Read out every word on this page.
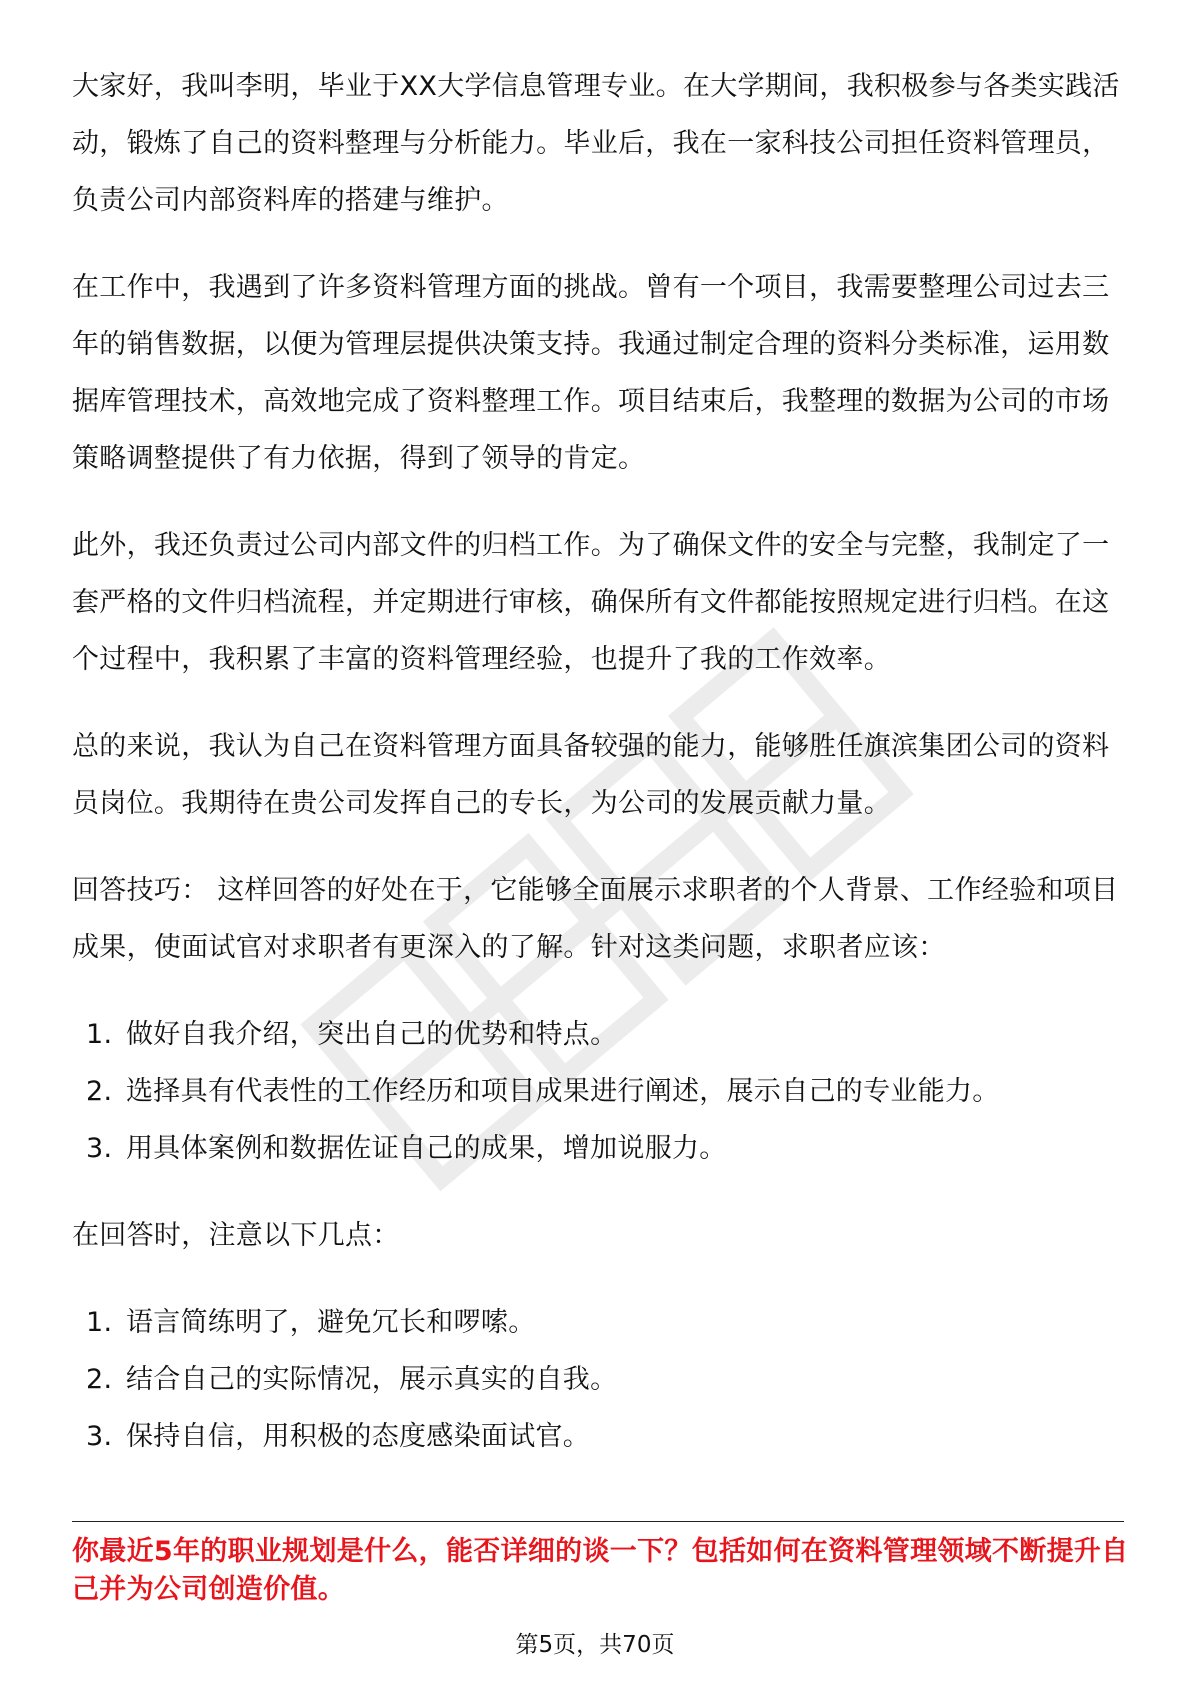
大家好，我叫李明，毕业于XX大学信息管理专业。在大学期间，我积极参与各类实践活动，锻炼了自己的资料整理与分析能力。毕业后，我在一家科技公司担任资料管理员，负责公司内部资料库的搭建与维护。

在工作中，我遇到了许多资料管理方面的挑战。曾有一个项目，我需要整理公司过去三年的销售数据，以便为管理层提供决策支持。我通过制定合理的资料分类标准，运用数据库管理技术，高效地完成了资料整理工作。项目结束后，我整理的数据为公司的市场策略调整提供了有力依据，得到了领导的肯定。

此外，我还负责过公司内部文件的归档工作。为了确保文件的安全与完整，我制定了一套严格的文件归档流程，并定期进行审核，确保所有文件都能按照规定进行归档。在这个过程中，我积累了丰富的资料管理经验，也提升了我的工作效率。

总的来说，我认为自己在资料管理方面具备较强的能力，能够胜任旗滨集团公司的资料员岗位。我期待在贵公司发挥自己的专长，为公司的发展贡献力量。

回答技巧： 这样回答的好处在于，它能够全面展示求职者的个人背景、工作经验和项目成果，使面试官对求职者有更深入的了解。针对这类问题，求职者应该：

1. 做好自我介绍，突出自己的优势和特点。
2. 选择具有代表性的工作经历和项目成果进行阐述，展示自己的专业能力。
3. 用具体案例和数据佐证自己的成果，增加说服力。

在回答时，注意以下几点：

1. 语言简练明了，避免冗长和啰嗦。
2. 结合自己的实际情况，展示真实的自我。
3. 保持自信，用积极的态度感染面试官。

你最近5年的职业规划是什么，能否详细的谈一下？包括如何在资料管理领域不断提升自己并为公司创造价值。

第5页，共70页
